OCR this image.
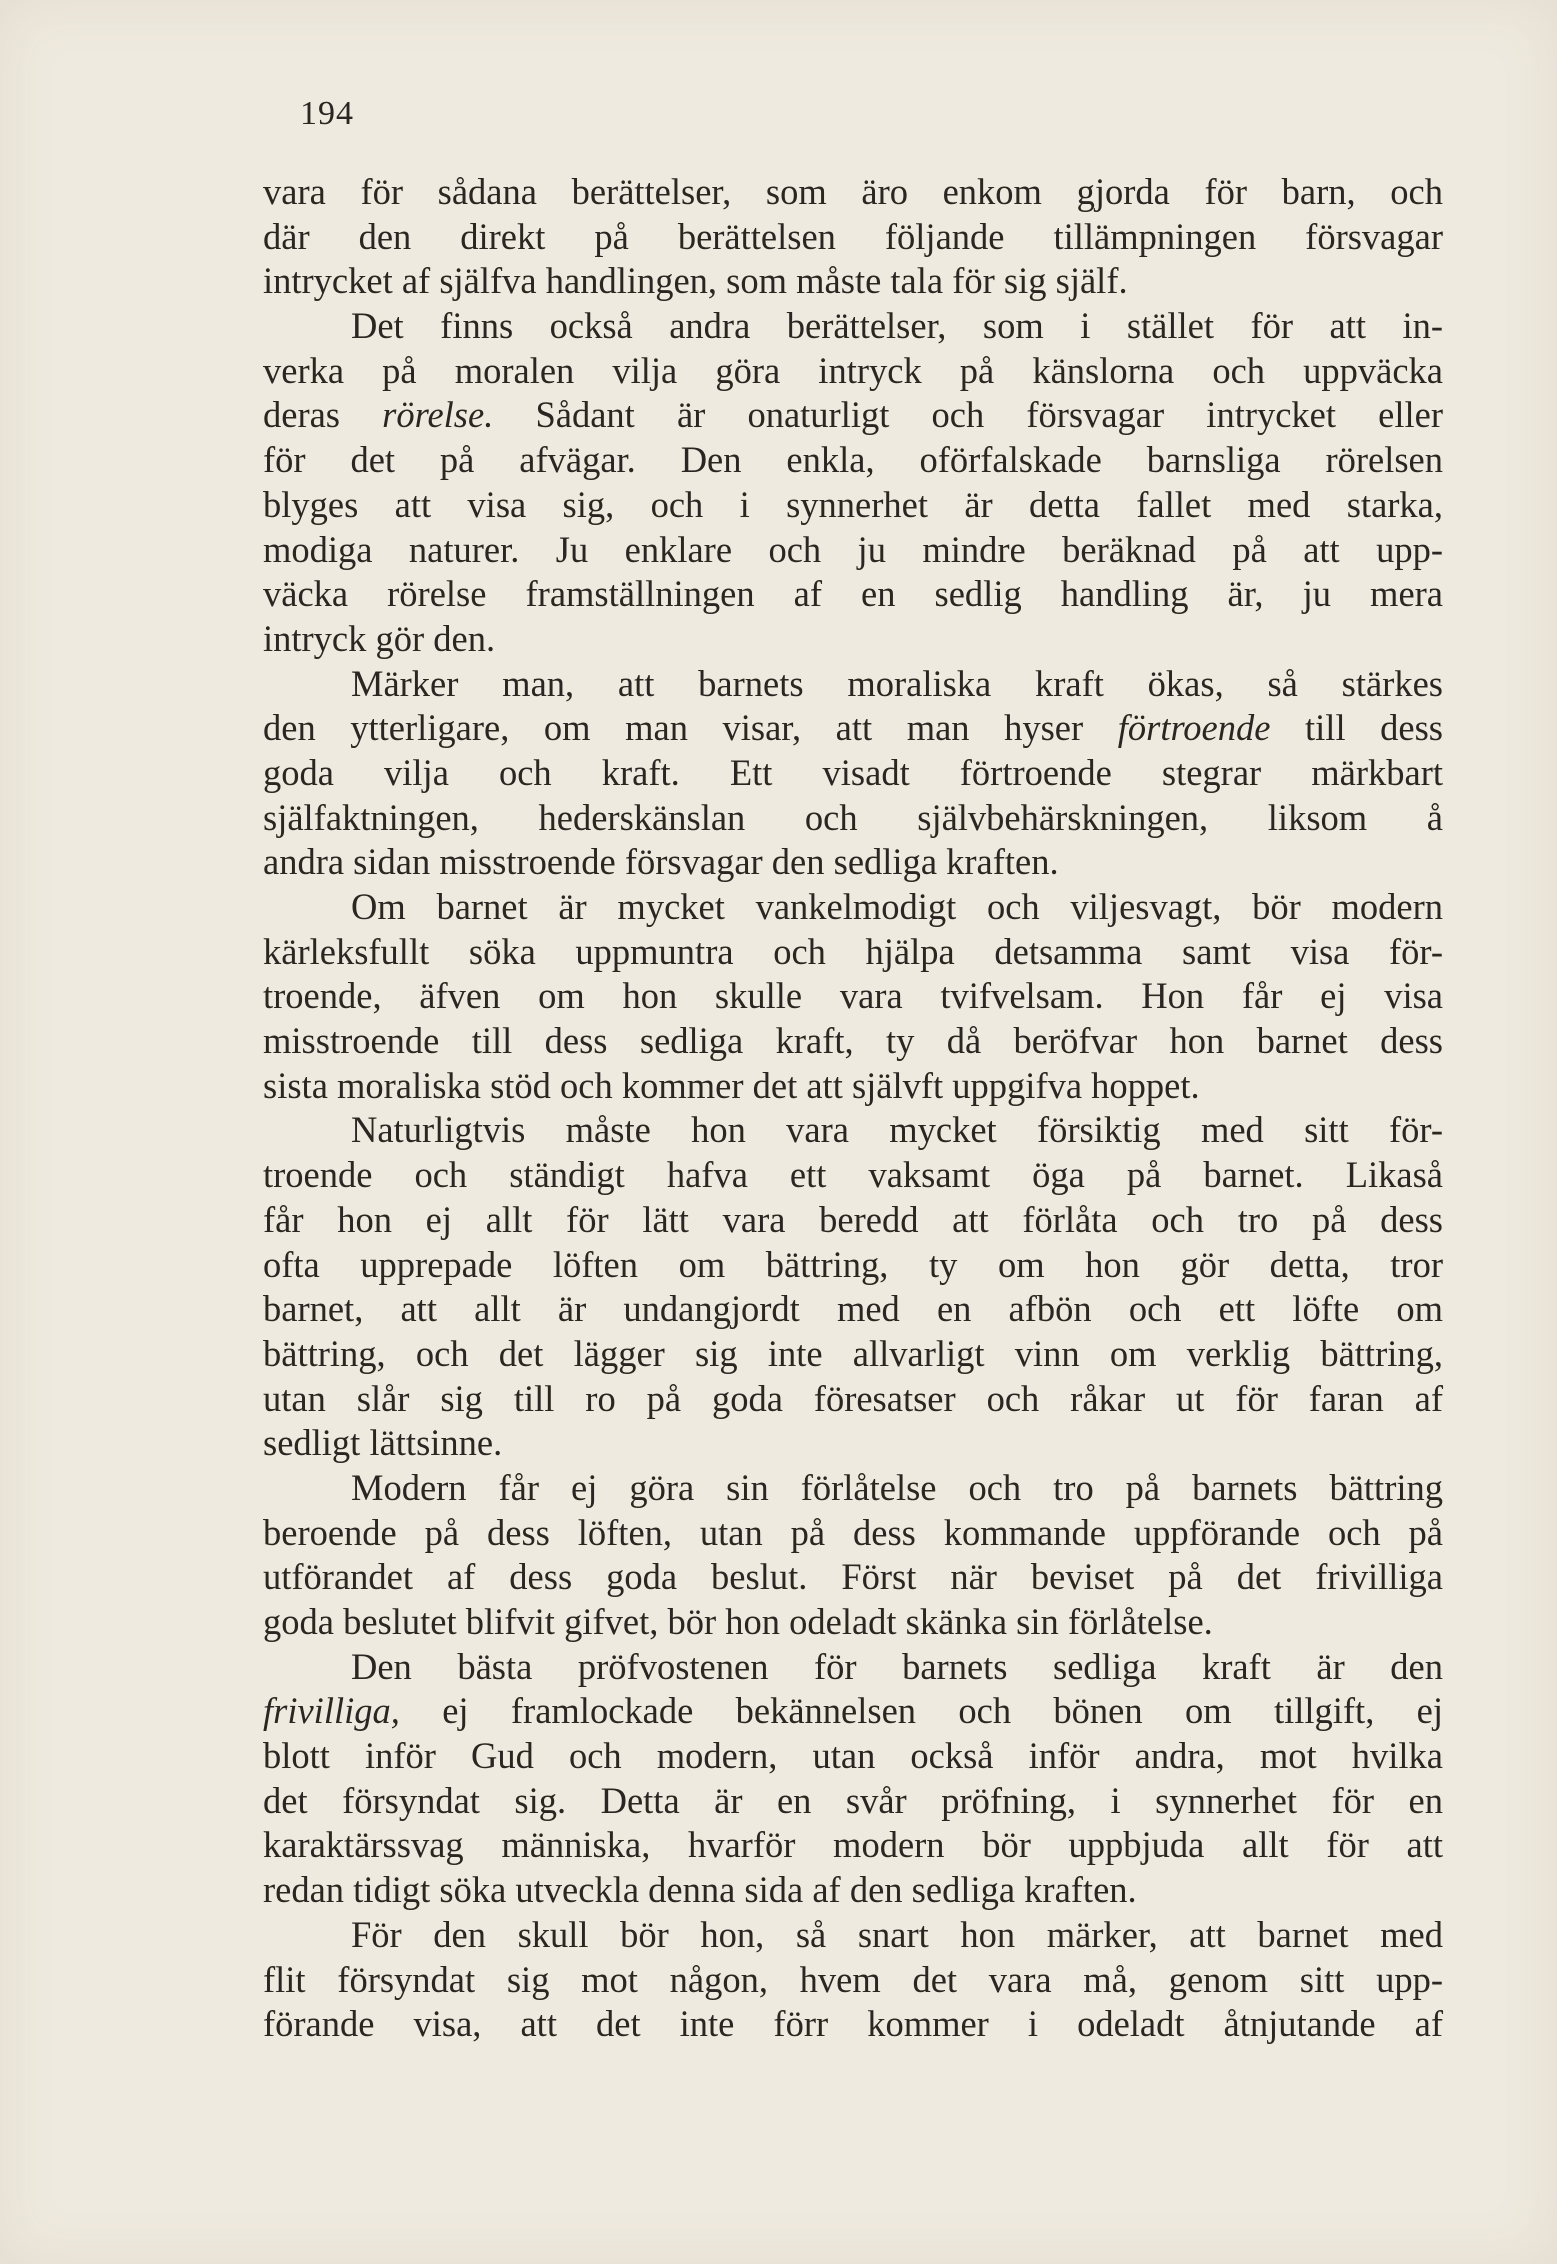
194
vara för sådana berättelser, som äro enkom gjorda för barn, och
där den direkt på berättelsen följande tillämpningen försvagar
intrycket af själfva handlingen, som måste tala för sig själf.
Det finns också andra berättelser, som i stället för att in-
verka på moralen vilja göra intryck på känslorna och uppväcka
deras rörelse. Sådant är onaturligt och försvagar intrycket eller
för det på afvägar. Den enkla, oförfalskade barnsliga rörelsen
blyges att visa sig, och i synnerhet är detta fallet med starka,
modiga naturer. Ju enklare och ju mindre beräknad på att upp-
väcka rörelse framställningen af en sedlig handling är, ju mera
intryck gör den.
Märker man, att barnets moraliska kraft ökas, så stärkes
den ytterligare, om man visar, att man hyser förtroende till dess
goda vilja och kraft. Ett visadt förtroende stegrar märkbart
själfaktningen, hederskänslan och självbehärskningen, liksom å
andra sidan misstroende försvagar den sedliga kraften.
Om barnet är mycket vankelmodigt och viljesvagt, bör modern
kärleksfullt söka uppmuntra och hjälpa detsamma samt visa för-
troende, äfven om hon skulle vara tvifvelsam. Hon får ej visa
misstroende till dess sedliga kraft, ty då beröfvar hon barnet dess
sista moraliska stöd och kommer det att självft uppgifva hoppet.
Naturligtvis måste hon vara mycket försiktig med sitt för-
troende och ständigt hafva ett vaksamt öga på barnet. Likaså
får hon ej allt för lätt vara beredd att förlåta och tro på dess
ofta upprepade löften om bättring, ty om hon gör detta, tror
barnet, att allt är undangjordt med en afbön och ett löfte om
bättring, och det lägger sig inte allvarligt vinn om verklig bättring,
utan slår sig till ro på goda föresatser och råkar ut för faran af
sedligt lättsinne.
Modern får ej göra sin förlåtelse och tro på barnets bättring
beroende på dess löften, utan på dess kommande uppförande och på
utförandet af dess goda beslut. Först när beviset på det frivilliga
goda beslutet blifvit gifvet, bör hon odeladt skänka sin förlåtelse.
Den bästa pröfvostenen för barnets sedliga kraft är den
frivilliga, ej framlockade bekännelsen och bönen om tillgift, ej
blott inför Gud och modern, utan också inför andra, mot hvilka
det försyndat sig. Detta är en svår pröfning, i synnerhet för en
karaktärssvag människa, hvarför modern bör uppbjuda allt för att
redan tidigt söka utveckla denna sida af den sedliga kraften.
För den skull bör hon, så snart hon märker, att barnet med
flit försyndat sig mot någon, hvem det vara må, genom sitt upp-
förande visa, att det inte förr kommer i odeladt åtnjutande af
